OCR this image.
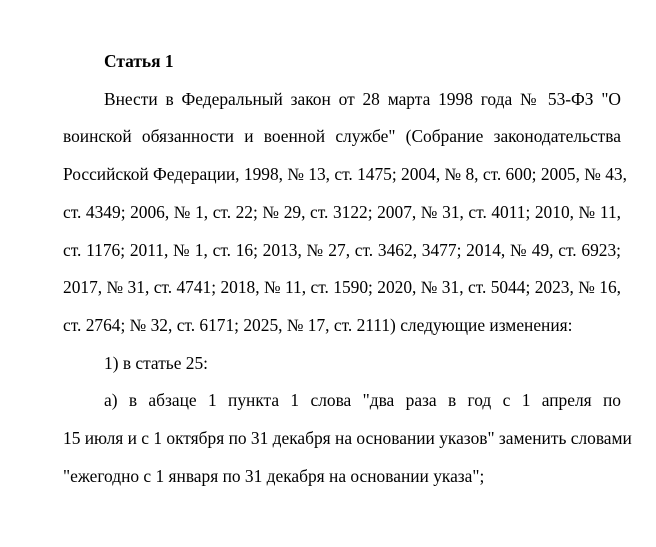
Статья 1
Внести в Федеральный закон от 28 марта 1998 года № 53-ФЗ "О
воинской обязанности и военной службе" (Собрание законодательства
Российской Федерации, 1998, № 13, ст. 1475; 2004, № 8, ст. 600; 2005, № 43,
ст. 4349; 2006, № 1, ст. 22; № 29, ст. 3122; 2007, № 31, ст. 4011; 2010, № 11,
ст. 1176; 2011, № 1, ст. 16; 2013, № 27, ст. 3462, 3477; 2014, № 49, ст. 6923;
2017, № 31, ст. 4741; 2018, № 11, ст. 1590; 2020, № 31, ст. 5044; 2023, № 16,
ст. 2764; № 32, ст. 6171; 2025, № 17, ст. 2111) следующие изменения:
1) в статье 25:
а) в абзаце 1 пункта 1 слова "два раза в год с 1 апреля по
15 июля и с 1 октября по 31 декабря на основании указов" заменить словами
"ежегодно с 1 января по 31 декабря на основании указа";
